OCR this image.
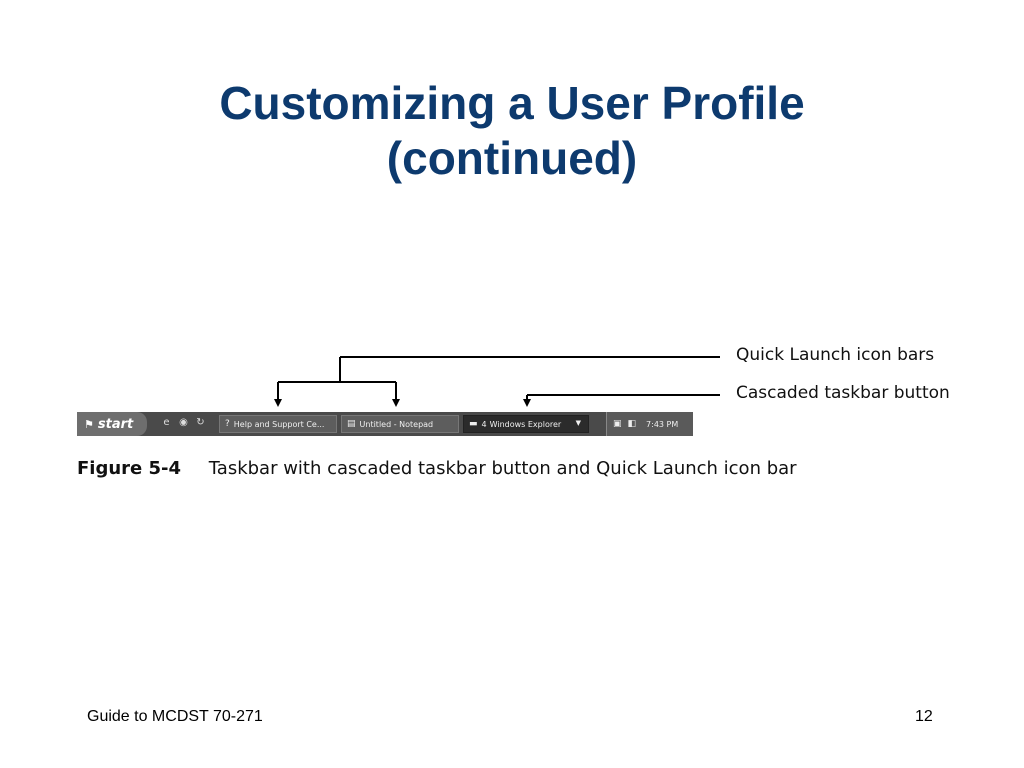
Customizing a User Profile
(continued)
Quick Launch icon bars
Cascaded taskbar button
⚑ start	e ◉ ↻ ? Help and Support Ce...	▤ Untitled - Notepad	▬ 4 Windows Explorer ▼	▣ ◧ 7:43 PM
Figure 5-4 Taskbar with cascaded taskbar button and Quick Launch icon bar
Guide to MCDST 70-271	12
